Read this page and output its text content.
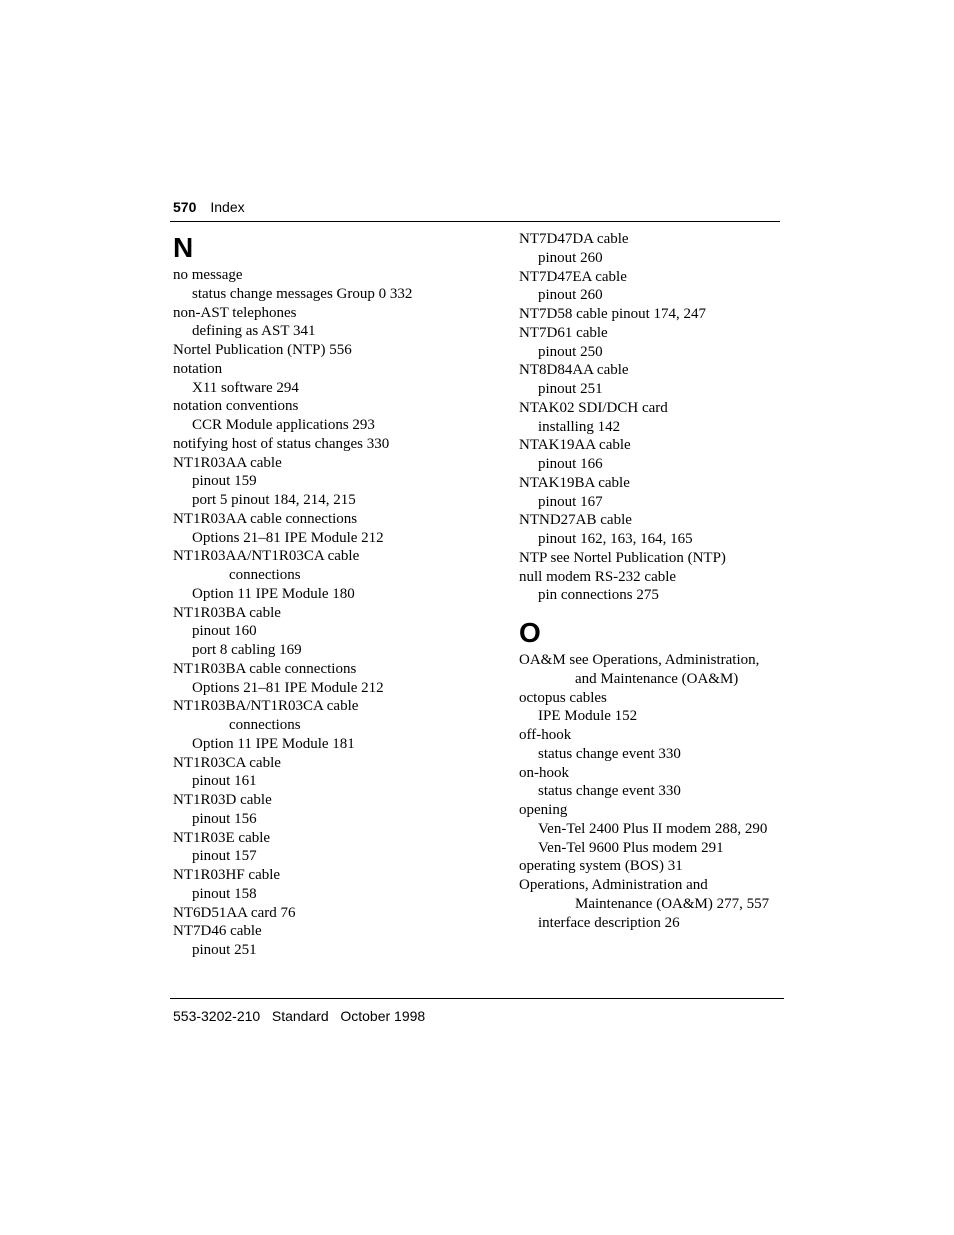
570 Index
N
no message
status change messages Group 0 332
non-AST telephones
defining as AST 341
Nortel Publication (NTP) 556
notation
X11 software 294
notation conventions
CCR Module applications 293
notifying host of status changes 330
NT1R03AA cable
pinout 159
port 5 pinout 184, 214, 215
NT1R03AA cable connections
Options 21–81 IPE Module 212
NT1R03AA/NT1R03CA cable
connections
Option 11 IPE Module 180
NT1R03BA cable
pinout 160
port 8 cabling 169
NT1R03BA cable connections
Options 21–81 IPE Module 212
NT1R03BA/NT1R03CA cable
connections
Option 11 IPE Module 181
NT1R03CA cable
pinout 161
NT1R03D cable
pinout 156
NT1R03E cable
pinout 157
NT1R03HF cable
pinout 158
NT6D51AA card 76
NT7D46 cable
pinout 251
NT7D47DA cable
pinout 260
NT7D47EA cable
pinout 260
NT7D58 cable pinout 174, 247
NT7D61 cable
pinout 250
NT8D84AA cable
pinout 251
NTAK02 SDI/DCH card
installing 142
NTAK19AA cable
pinout 166
NTAK19BA cable
pinout 167
NTND27AB cable
pinout 162, 163, 164, 165
NTP see Nortel Publication (NTP)
null modem RS-232 cable
pin connections 275
O
OA&M see Operations, Administration,
and Maintenance (OA&M)
octopus cables
IPE Module 152
off-hook
status change event 330
on-hook
status change event 330
opening
Ven-Tel 2400 Plus II modem 288, 290
Ven-Tel 9600 Plus modem 291
operating system (BOS) 31
Operations, Administration and
Maintenance (OA&M) 277, 557
interface description 26
553-3202-210 Standard October 1998
